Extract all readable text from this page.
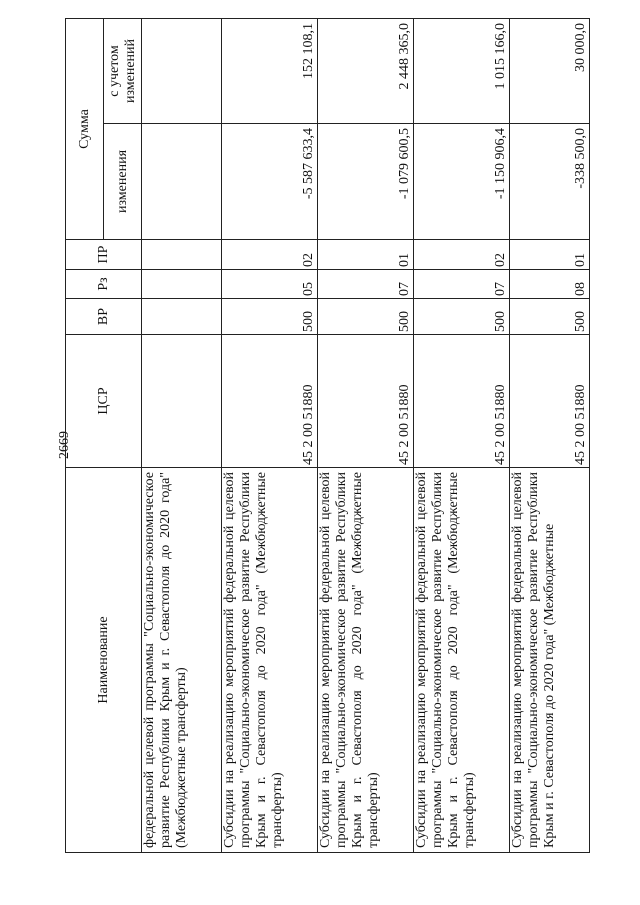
2669
Наименование	ЦСР	ВР	Рз	ПР	Сумма	
					изменения	с учетом изменений
федеральной целевой программы "Социально-экономическое развитие Республики Крым и г. Севастополя до 2020 года" (Межбюджетные трансферты)						
Субсидии на реализацию мероприятий федеральной целевой программы "Социально-экономическое развитие Республики Крым и г. Севастополя до 2020 года" (Межбюджетные трансферты)	45 2 00 51880	500	05	02	-5 587 633,4	152 108,1
Субсидии на реализацию мероприятий федеральной целевой программы "Социально-экономическое развитие Республики Крым и г. Севастополя до 2020 года" (Межбюджетные трансферты)	45 2 00 51880	500	07	01	-1 079 600,5	2 448 365,0
Субсидии на реализацию мероприятий федеральной целевой программы "Социально-экономическое развитие Республики Крым и г. Севастополя до 2020 года" (Межбюджетные трансферты)	45 2 00 51880	500	07	02	-1 150 906,4	1 015 166,0
Субсидии на реализацию мероприятий федеральной целевой программы "Социально-экономическое развитие Республики Крым и г. Севастополя до 2020 года" (Межбюджетные	45 2 00 51880	500	08	01	-338 500,0	30 000,0
